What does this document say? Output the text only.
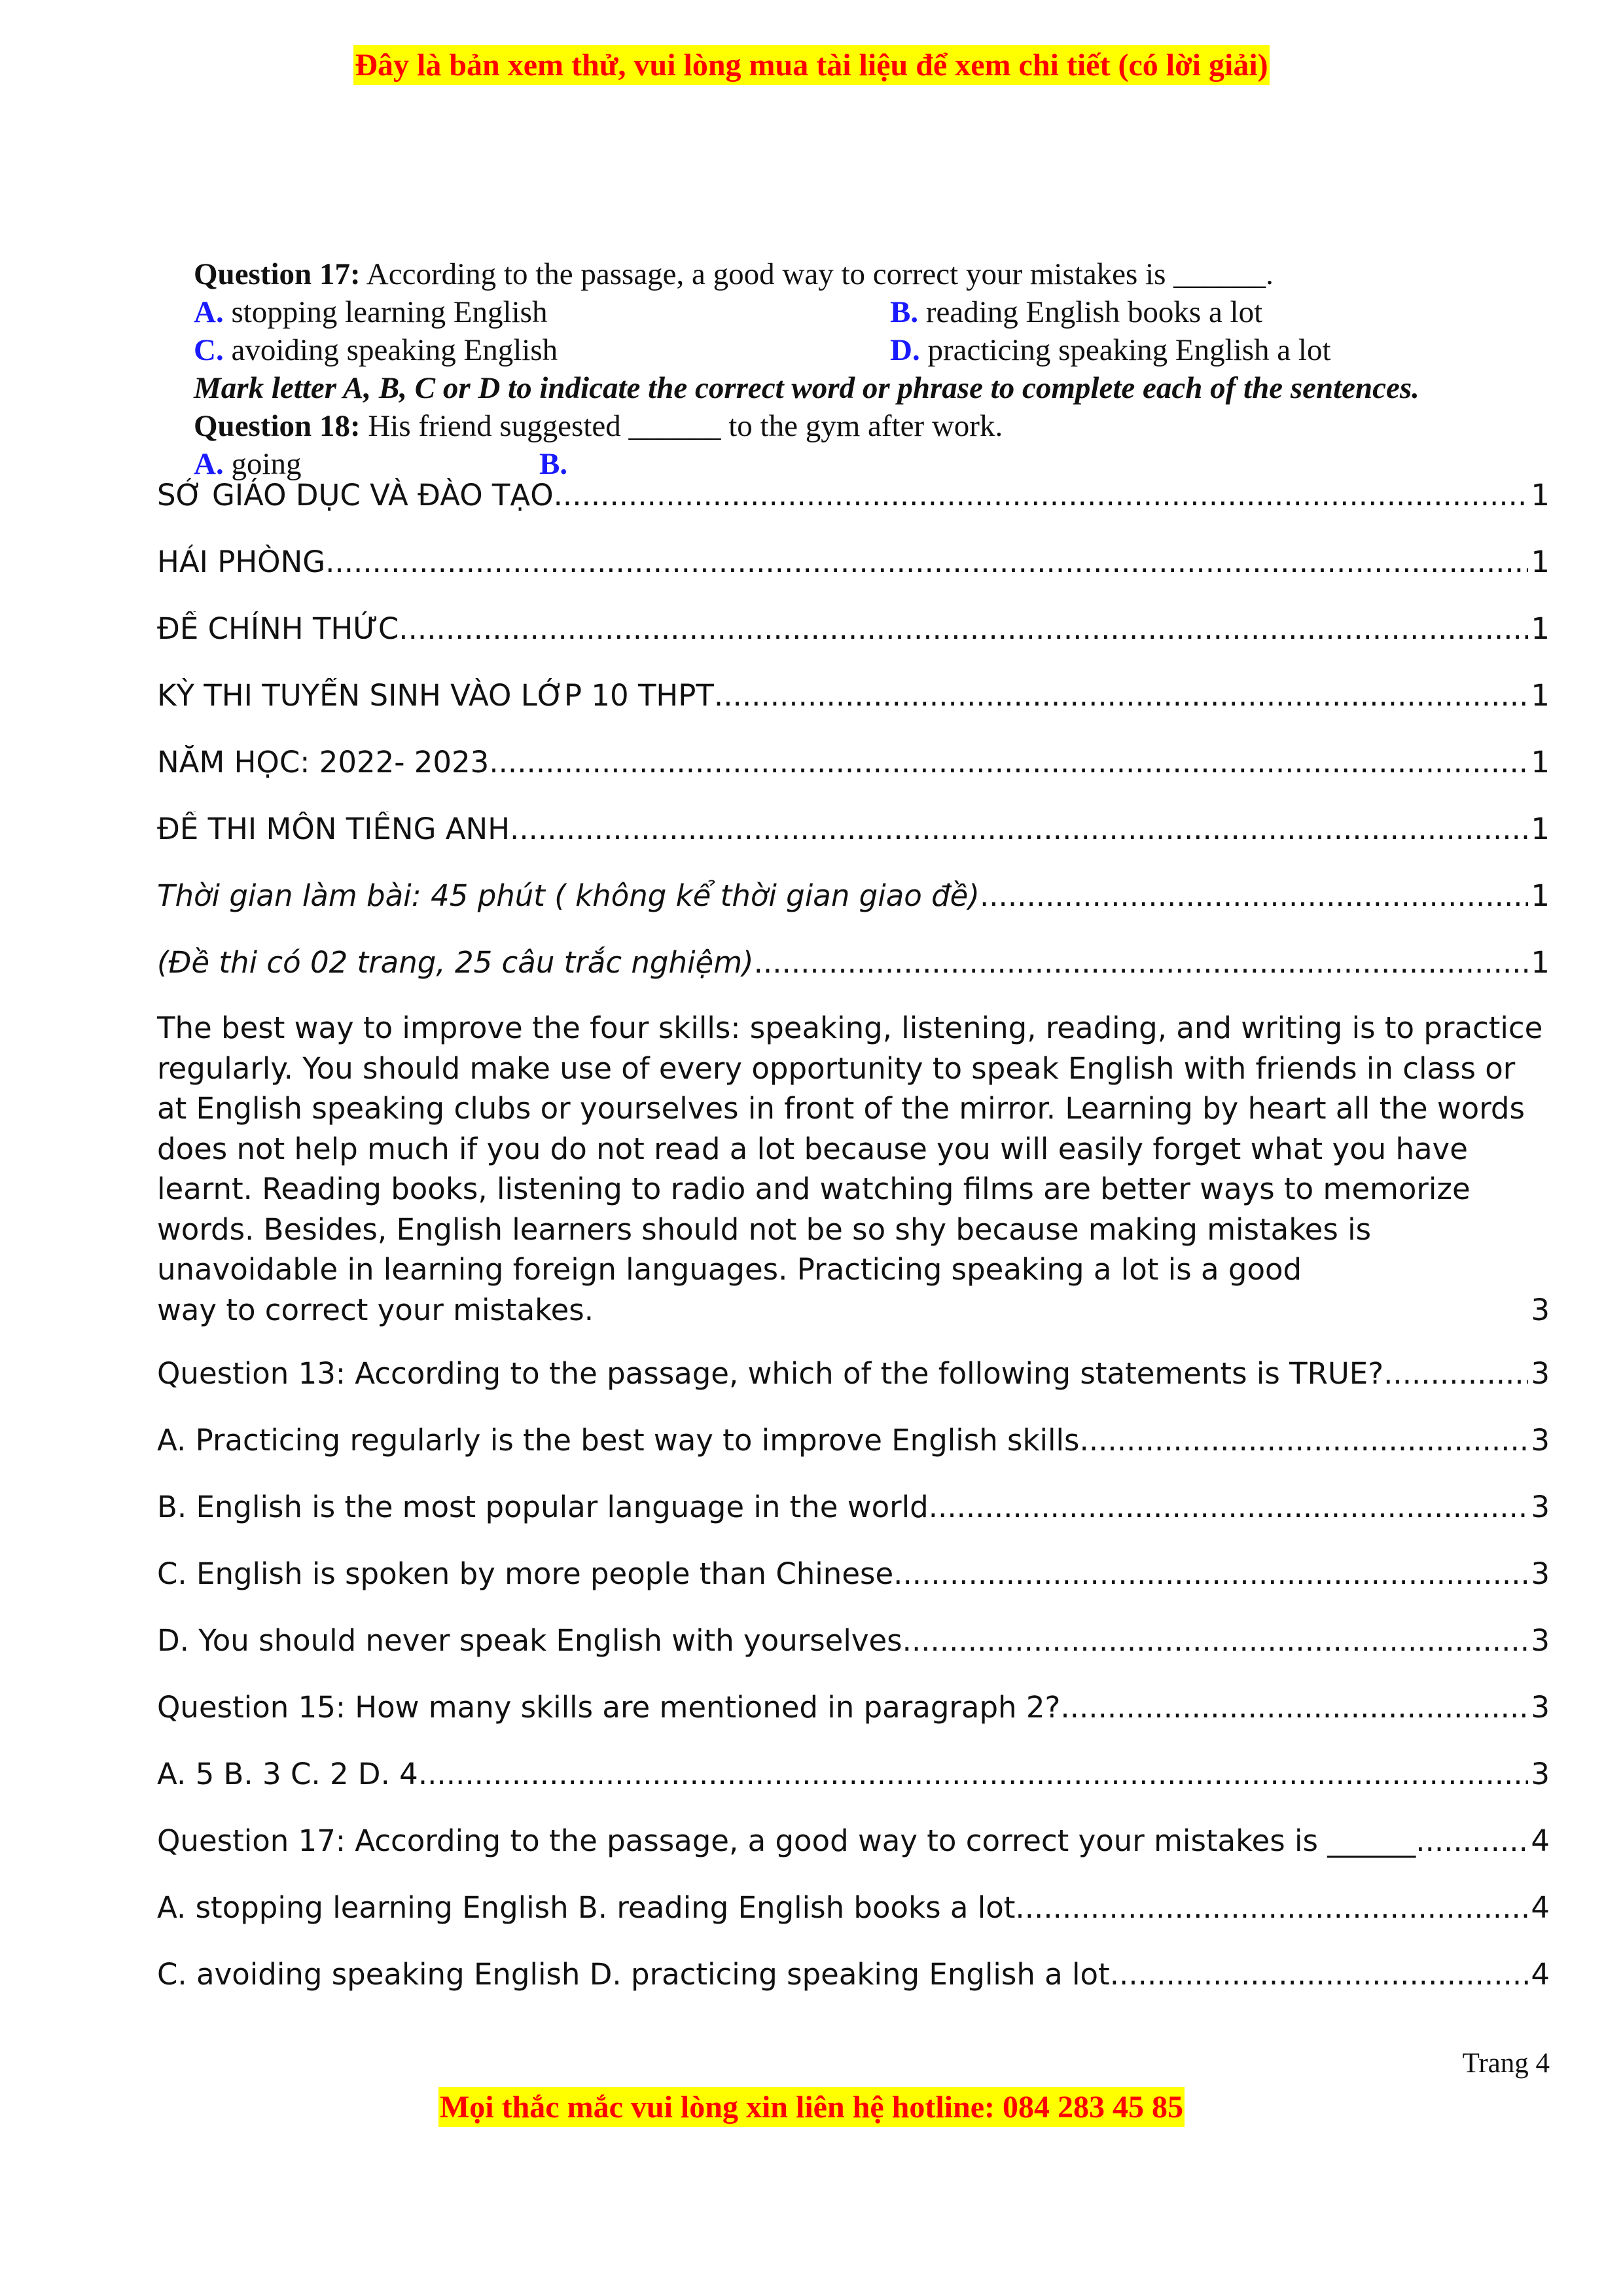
Đây là bản xem thử, vui lòng mua tài liệu để xem chi tiết (có lời giải)
Question 17: According to the passage, a good way to correct your mistakes is ______.
A. stopping learning English	B. reading English books a lot
C. avoiding speaking English	D. practicing speaking English a lot
Mark letter A, B, C or D to indicate the correct word or phrase to complete each of the sentences.
Question 18: His friend suggested ______ to the gym after work.
A. going	B.
SỞ GIÁO DỤC VÀ ĐÀO TẠO .....	1
HẢI PHÒNG .....	1
ĐỀ CHÍNH THỨC .....	1
KỲ THI TUYỂN SINH VÀO LỚP 10 THPT .....	1
NĂM HỌC: 2022- 2023 .....	1
ĐỀ THI MÔN TIẾNG ANH .....	1
Thời gian làm bài: 45 phút ( không kể thời gian giao đề) .....	1
(Đề thi có 02 trang, 25 câu trắc nghiệm) .....	1
The best way to improve the four skills: speaking, listening, reading, and writing is to practice regularly. You should make use of every opportunity to speak English with friends in class or at English speaking clubs or yourselves in front of the mirror. Learning by heart all the words does not help much if you do not read a lot because you will easily forget what you have learnt. Reading books, listening to radio and watching films are better ways to memorize words. Besides, English learners should not be so shy because making mistakes is unavoidable in learning foreign languages. Practicing speaking a lot is a good
way to correct your mistakes.	3
Question 13: According to the passage, which of the following statements is TRUE? .....	3
A. Practicing regularly is the best way to improve English skills. .....	3
B. English is the most popular language in the world. .....	3
C. English is spoken by more people than Chinese. .....	3
D. You should never speak English with yourselves. .....	3
Question 15: How many skills are mentioned in paragraph 2? .....	3
A. 5 B. 3 C. 2 D. 4 .....	3
Question 17: According to the passage, a good way to correct your mistakes is ______. .....	4
A. stopping learning English B. reading English books a lot .....	4
C. avoiding speaking English D. practicing speaking English a lot .....	4
Trang 4
Mọi thắc mắc vui lòng xin liên hệ hotline: 084 283 45 85
